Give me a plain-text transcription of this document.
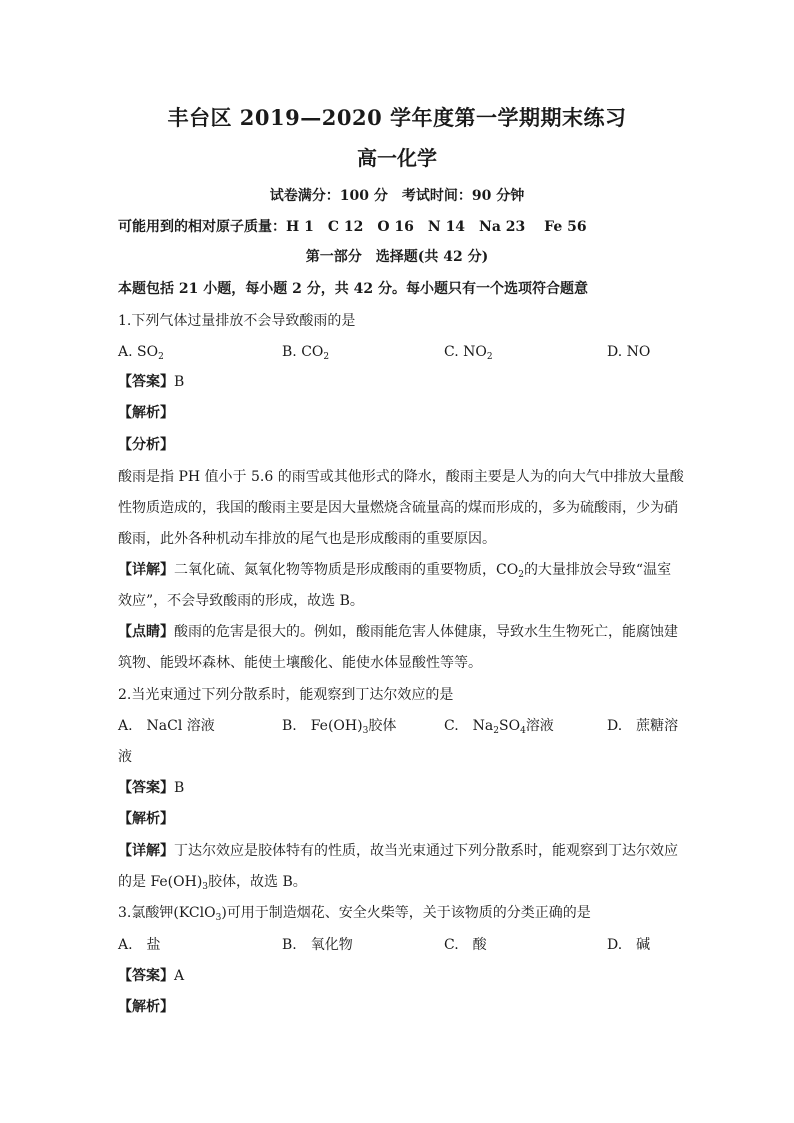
丰台区 2019—2020 学年度第一学期期末练习
高一化学
试卷满分：100 分　考试时间：90 分钟
可能用到的相对原子质量：H 1　C 12　O 16　N 14　Na 23　 Fe 56
第一部分　选择题(共 42 分)
本题包括 21 小题，每小题 2 分，共 42 分。每小题只有一个选项符合题意
1.下列气体过量排放不会导致酸雨的是
A. $SO_2$	B. $CO_2$	C. $NO_2$	D. NO
【答案】B
【解析】
【分析】
酸雨是指 PH 值小于 5.6 的雨雪或其他形式的降水，酸雨主要是人为的向大气中排放大量酸
性物质造成的，我国的酸雨主要是因大量燃烧含硫量高的煤而形成的，多为硫酸雨，少为硝
酸雨，此外各种机动车排放的尾气也是形成酸雨的重要原因。
【详解】二氧化硫、氮氧化物等物质是形成酸雨的重要物质，$CO_2$的大量排放会导致“温室
效应”，不会导致酸雨的形成，故选 B。
【点睛】酸雨的危害是很大的。例如，酸雨能危害人体健康，导致水生生物死亡，能腐蚀建
筑物、能毁坏森林、能使土壤酸化、能使水体显酸性等等。
2.当光束通过下列分散系时，能观察到丁达尔效应的是
A.　NaCl 溶液	B.　$Fe(OH)_3$胶体	C.　$Na_2SO_4$溶液	D.　蔗糖溶
液
【答案】B
【解析】
【详解】丁达尔效应是胶体特有的性质，故当光束通过下列分散系时，能观察到丁达尔效应
的是 $Fe(OH)_3$胶体，故选 B。
3.氯酸钾(KClO$_3$)可用于制造烟花、安全火柴等，关于该物质的分类正确的是
A.　盐	B.　氧化物	C.　酸	D.　碱
【答案】A
【解析】
